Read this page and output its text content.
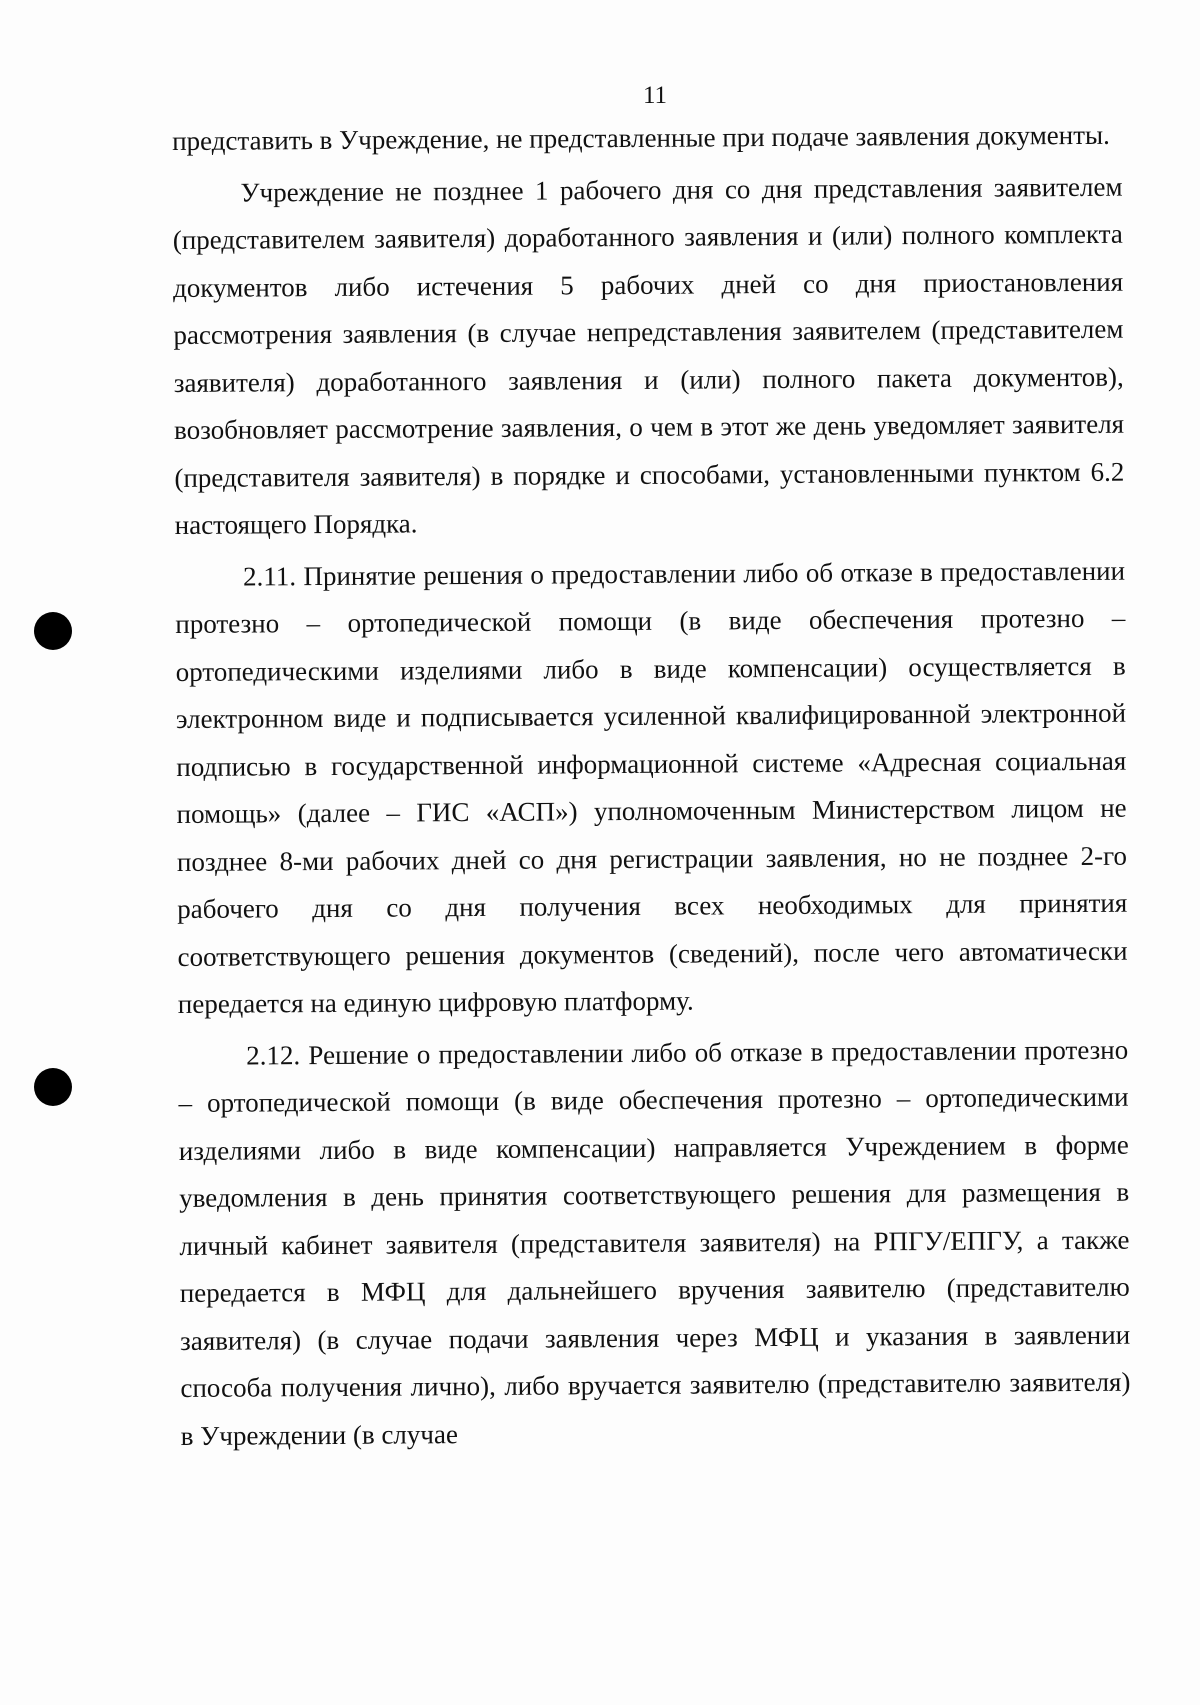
11

представить в Учреждение, не представленные при подаче заявления документы.

Учреждение не позднее 1 рабочего дня со дня представления заявителем (представителем заявителя) доработанного заявления и (или) полного комплекта документов либо истечения 5 рабочих дней со дня приостановления рассмотрения заявления (в случае непредставления заявителем (представителем заявителя) доработанного заявления и (или) полного пакета документов), возобновляет рассмотрение заявления, о чем в этот же день уведомляет заявителя (представителя заявителя) в порядке и способами, установленными пунктом 6.2 настоящего Порядка.

2.11. Принятие решения о предоставлении либо об отказе в предоставлении протезно – ортопедической помощи (в виде обеспечения протезно – ортопедическими изделиями либо в виде компенсации) осуществляется в электронном виде и подписывается усиленной квалифицированной электронной подписью в государственной информационной системе «Адресная социальная помощь» (далее – ГИС «АСП») уполномоченным Министерством лицом не позднее 8-ми рабочих дней со дня регистрации заявления, но не позднее 2-го рабочего дня со дня получения всех необходимых для принятия соответствующего решения документов (сведений), после чего автоматически передается на единую цифровую платформу.

2.12. Решение о предоставлении либо об отказе в предоставлении протезно – ортопедической помощи (в виде обеспечения протезно – ортопедическими изделиями либо в виде компенсации) направляется Учреждением в форме уведомления в день принятия соответствующего решения для размещения в личный кабинет заявителя (представителя заявителя) на РПГУ/ЕПГУ, а также передается в МФЦ для дальнейшего вручения заявителю (представителю заявителя) (в случае подачи заявления через МФЦ и указания в заявлении способа получения лично), либо вручается заявителю (представителю заявителя) в Учреждении (в случае
